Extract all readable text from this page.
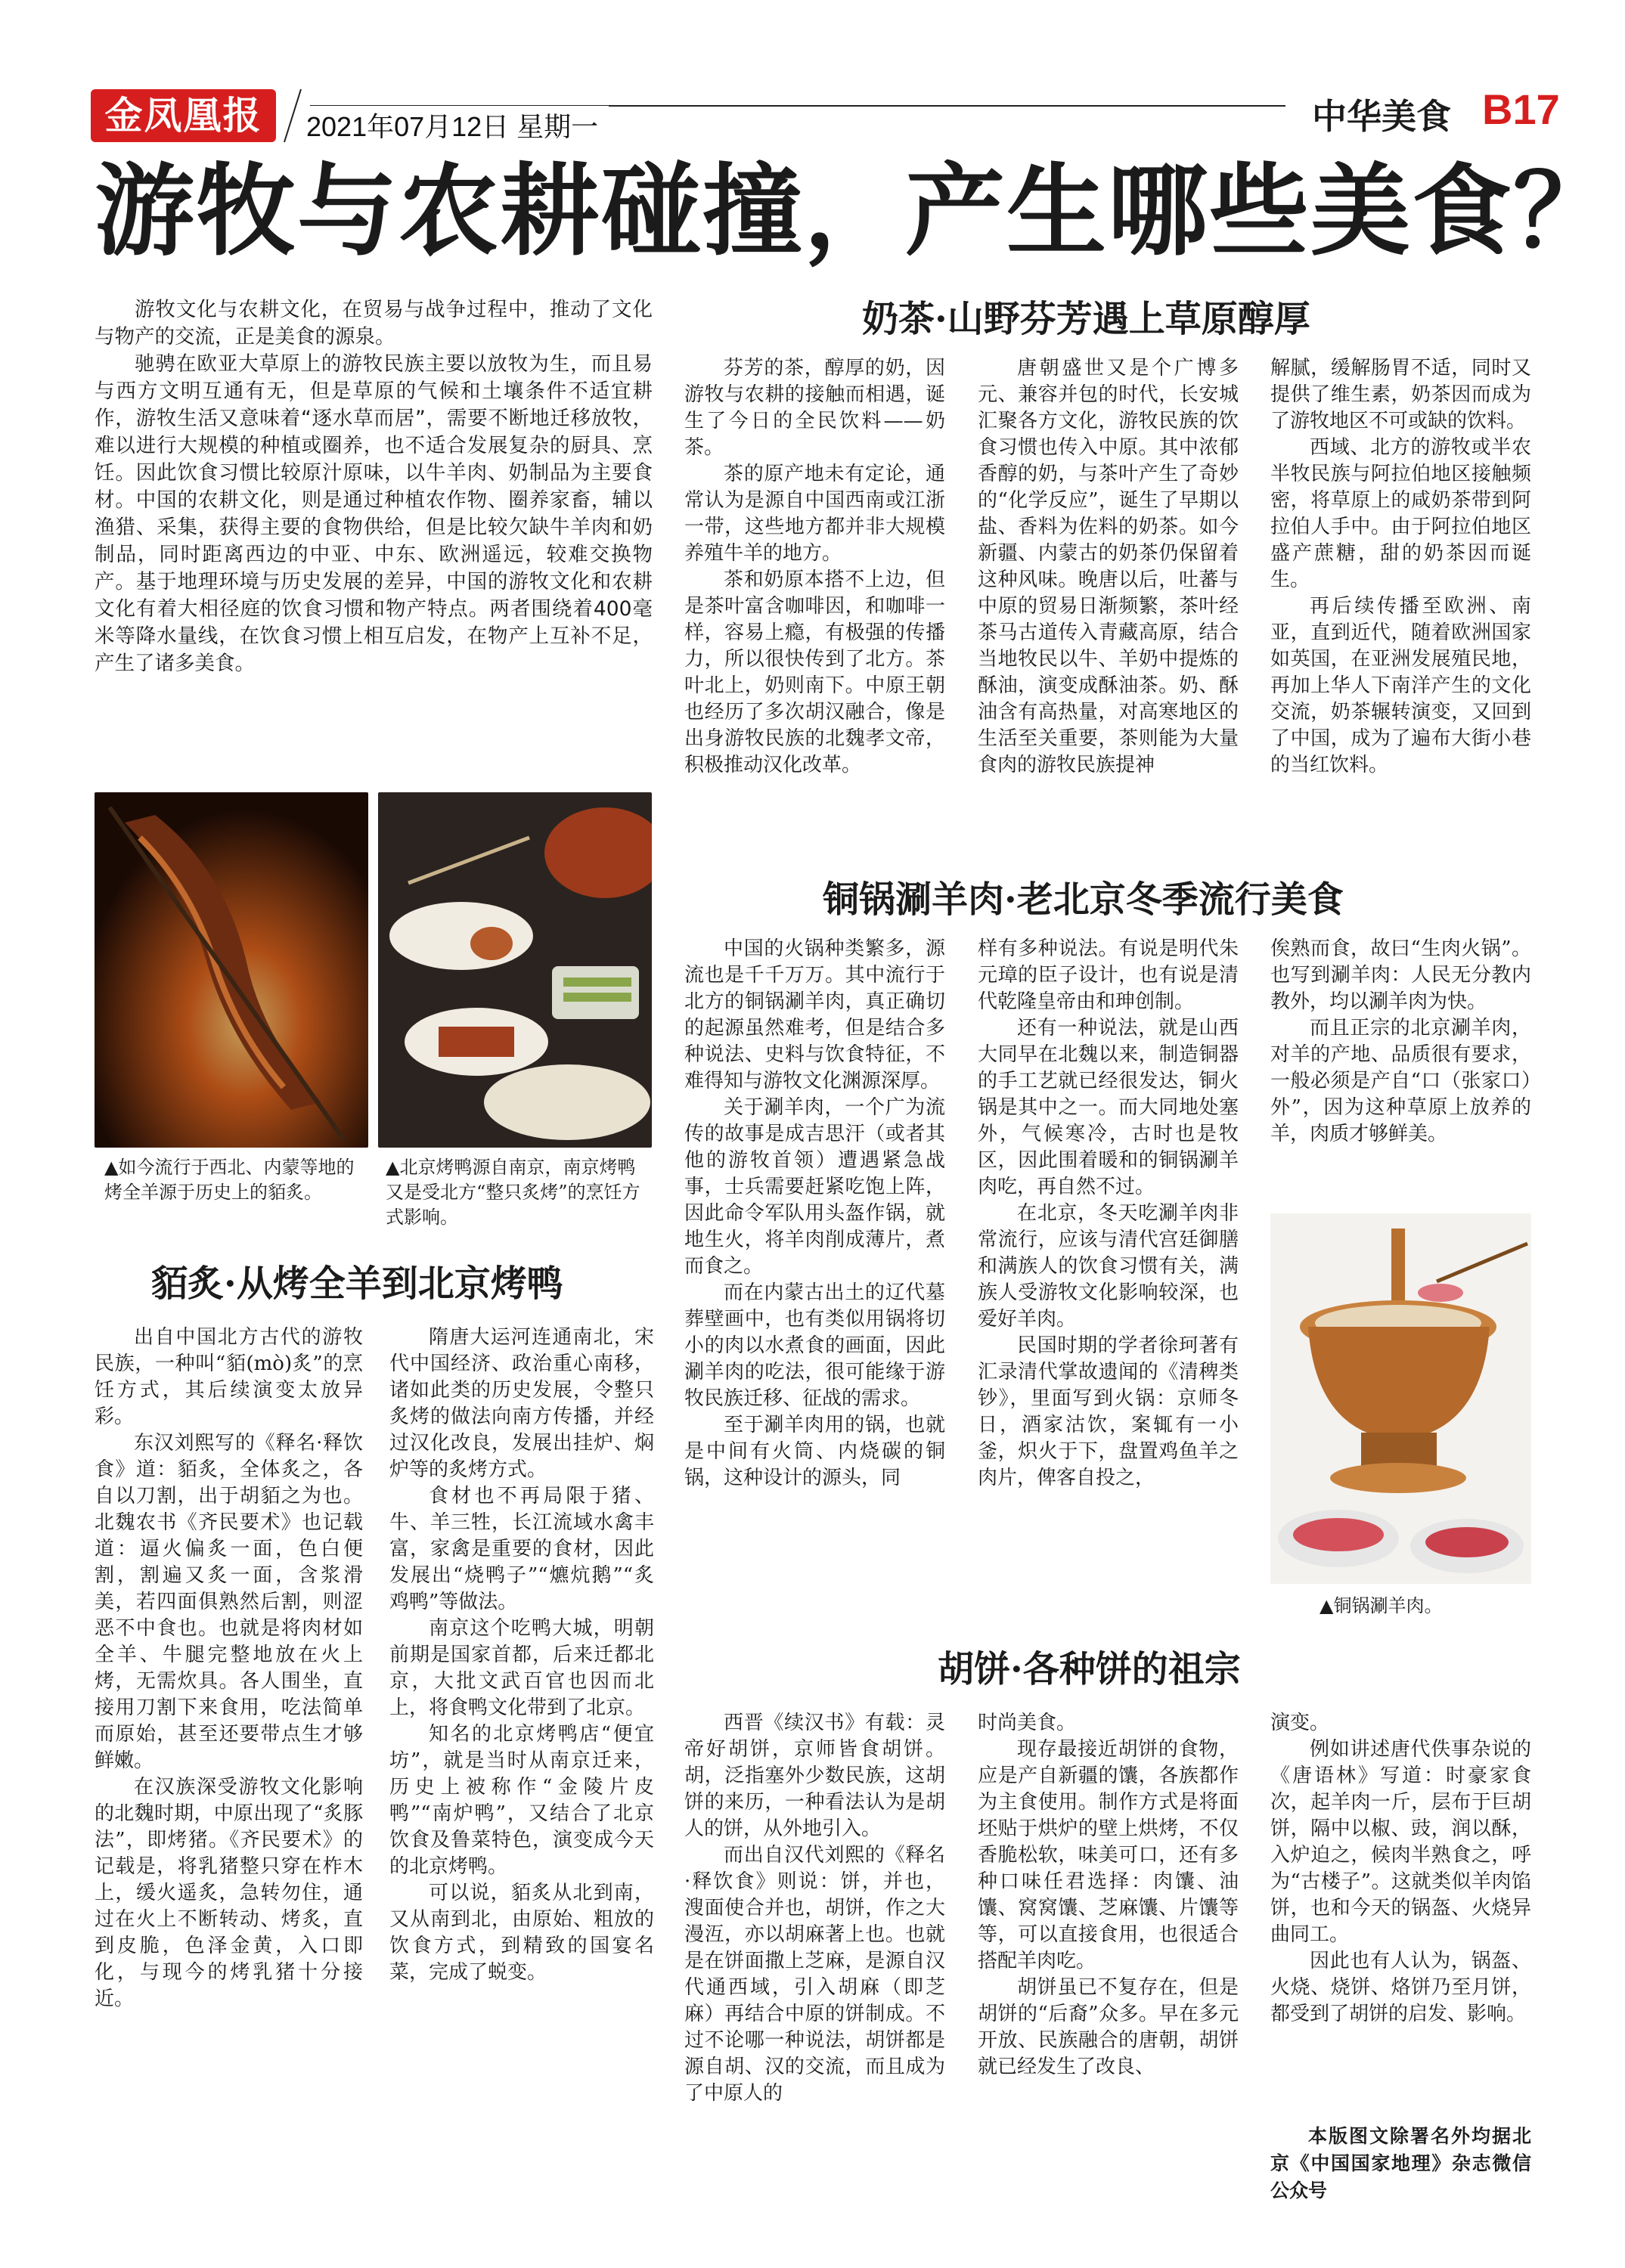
金凤凰报	2021年07月12日 星期一	中华美食 B17
游牧与农耕碰撞，产生哪些美食？

游牧文化与农耕文化，在贸易与战争过程中，推动了文化与物产的交流，正是美食的源泉。

驰骋在欧亚大草原上的游牧民族主要以放牧为生，而且易与西方文明互通有无，但是草原的气候和土壤条件不适宜耕作，游牧生活又意味着“逐水草而居”，需要不断地迁移放牧，难以进行大规模的种植或圈养，也不适合发展复杂的厨具、烹饪。因此饮食习惯比较原汁原味，以牛羊肉、奶制品为主要食材。中国的农耕文化，则是通过种植农作物、圈养家畜，辅以渔猎、采集，获得主要的食物供给，但是比较欠缺牛羊肉和奶制品，同时距离西边的中亚、中东、欧洲遥远，较难交换物产。基于地理环境与历史发展的差异，中国的游牧文化和农耕文化有着大相径庭的饮食习惯和物产特点。两者围绕着400毫米等降水量线，在饮食习惯上相互启发，在物产上互补不足，产生了诸多美食。

奶茶·山野芬芳遇上草原醇厚

芬芳的茶，醇厚的奶，因游牧与农耕的接触而相遇，诞生了今日的全民饮料——奶茶。

茶的原产地未有定论，通常认为是源自中国西南或江浙一带，这些地方都并非大规模养殖牛羊的地方。

茶和奶原本搭不上边，但是茶叶富含咖啡因，和咖啡一样，容易上瘾，有极强的传播力，所以很快传到了北方。茶叶北上，奶则南下。中原王朝也经历了多次胡汉融合，像是出身游牧民族的北魏孝文帝，积极推动汉化改革。

唐朝盛世又是个广博多元、兼容并包的时代，长安城汇聚各方文化，游牧民族的饮食习惯也传入中原。其中浓郁香醇的奶，与茶叶产生了奇妙的“化学反应”，诞生了早期以盐、香料为佐料的奶茶。如今新疆、内蒙古的奶茶仍保留着这种风味。晚唐以后，吐蕃与中原的贸易日渐频繁，茶叶经茶马古道传入青藏高原，结合当地牧民以牛、羊奶中提炼的酥油，演变成酥油茶。奶、酥油含有高热量，对高寒地区的生活至关重要，茶则能为大量食肉的游牧民族提神

解腻，缓解肠胃不适，同时又提供了维生素，奶茶因而成为了游牧地区不可或缺的饮料。

西域、北方的游牧或半农半牧民族与阿拉伯地区接触频密，将草原上的咸奶茶带到阿拉伯人手中。由于阿拉伯地区盛产蔗糖，甜的奶茶因而诞生。

再后续传播至欧洲、南亚，直到近代，随着欧洲国家如英国，在亚洲发展殖民地，再加上华人下南洋产生的文化交流，奶茶辗转演变，又回到了中国，成为了遍布大街小巷的当红饮料。

▲如今流行于西北、内蒙等地的烤全羊源于历史上的貊炙。
▲北京烤鸭源自南京，南京烤鸭又是受北方“整只炙烤”的烹饪方式影响。
铜锅涮羊肉·老北京冬季流行美食

中国的火锅种类繁多，源流也是千千万万。其中流行于北方的铜锅涮羊肉，真正确切的起源虽然难考，但是结合多种说法、史料与饮食特征，不难得知与游牧文化渊源深厚。

关于涮羊肉，一个广为流传的故事是成吉思汗（或者其他的游牧首领）遭遇紧急战事，士兵需要赶紧吃饱上阵，因此命令军队用头盔作锅，就地生火，将羊肉削成薄片，煮而食之。

而在内蒙古出土的辽代墓葬壁画中，也有类似用锅将切小的肉以水煮食的画面，因此涮羊肉的吃法，很可能缘于游牧民族迁移、征战的需求。

至于涮羊肉用的锅，也就是中间有火筒、内烧碳的铜锅，这种设计的源头，同

样有多种说法。有说是明代朱元璋的臣子设计，也有说是清代乾隆皇帝由和珅创制。

还有一种说法，就是山西大同早在北魏以来，制造铜器的手工艺就已经很发达，铜火锅是其中之一。而大同地处塞外，气候寒冷，古时也是牧区，因此围着暖和的铜锅涮羊肉吃，再自然不过。

在北京，冬天吃涮羊肉非常流行，应该与清代宫廷御膳和满族人的饮食习惯有关，满族人受游牧文化影响较深，也爱好羊肉。

民国时期的学者徐珂著有汇录清代掌故遗闻的《清稗类钞》，里面写到火锅：京师冬日，酒家沽饮，案辄有一小釜，炽火于下，盘置鸡鱼羊之肉片，俾客自投之，

俟熟而食，故曰“生肉火锅”。也写到涮羊肉：人民无分教内教外，均以涮羊肉为快。

而且正宗的北京涮羊肉，对羊的产地、品质很有要求，一般必须是产自“口（张家口）外”，因为这种草原上放养的羊，肉质才够鲜美。

▲铜锅涮羊肉。
貊炙·从烤全羊到北京烤鸭

出自中国北方古代的游牧民族，一种叫“貊(mò)炙”的烹饪方式，其后续演变太放异彩。

东汉刘熙写的《释名·释饮食》道：貊炙，全体炙之，各自以刀割，出于胡貊之为也。北魏农书《齐民要术》也记载道：逼火偏炙一面，色白便割，割遍又炙一面，含浆滑美，若四面俱熟然后割，则涩恶不中食也。也就是将肉材如全羊、牛腿完整地放在火上烤，无需炊具。各人围坐，直接用刀割下来食用，吃法简单而原始，甚至还要带点生才够鲜嫩。

在汉族深受游牧文化影响的北魏时期，中原出现了“炙豚法”，即烤猪。《齐民要术》的记载是，将乳猪整只穿在柞木上，缓火遥炙，急转勿住，通过在火上不断转动、烤炙，直到皮脆，色泽金黄，入口即化，与现今的烤乳猪十分接近。

隋唐大运河连通南北，宋代中国经济、政治重心南移，诸如此类的历史发展，令整只炙烤的做法向南方传播，并经过汉化改良，发展出挂炉、焖炉等的炙烤方式。

食材也不再局限于猪、牛、羊三牲，长江流域水禽丰富，家禽是重要的食材，因此发展出“烧鸭子”“爊炕鹅”“炙鸡鸭”等做法。

南京这个吃鸭大城，明朝前期是国家首都，后来迁都北京，大批文武百官也因而北上，将食鸭文化带到了北京。

知名的北京烤鸭店“便宜坊”，就是当时从南京迁来，历史上被称作“金陵片皮鸭”“南炉鸭”，又结合了北京饮食及鲁菜特色，演变成今天的北京烤鸭。

可以说，貊炙从北到南，又从南到北，由原始、粗放的饮食方式，到精致的国宴名菜，完成了蜕变。

胡饼·各种饼的祖宗

西晋《续汉书》有载：灵帝好胡饼，京师皆食胡饼。胡，泛指塞外少数民族，这胡饼的来历，一种看法认为是胡人的饼，从外地引入。

而出自汉代刘熙的《释名·释饮食》则说：饼，并也，溲面使合并也，胡饼，作之大漫沍，亦以胡麻著上也。也就是在饼面撒上芝麻，是源自汉代通西域，引入胡麻（即芝麻）再结合中原的饼制成。不过不论哪一种说法，胡饼都是源自胡、汉的交流，而且成为了中原人的

时尚美食。

现存最接近胡饼的食物，应是产自新疆的馕，各族都作为主食使用。制作方式是将面坯贴于烘炉的壁上烘烤，不仅香脆松软，味美可口，还有多种口味任君选择：肉馕、油馕、窝窝馕、芝麻馕、片馕等等，可以直接食用，也很适合搭配羊肉吃。

胡饼虽已不复存在，但是胡饼的“后裔”众多。早在多元开放、民族融合的唐朝，胡饼就已经发生了改良、

演变。

例如讲述唐代佚事杂说的《唐语林》写道：时豪家食次，起羊肉一斤，层布于巨胡饼，隔中以椒、豉，润以酥，入炉迫之，候肉半熟食之，呼为“古楼子”。这就类似羊肉馅饼，也和今天的锅盔、火烧异曲同工。

因此也有人认为，锅盔、火烧、烧饼、烙饼乃至月饼，都受到了胡饼的启发、影响。

本版图文除署名外均据北京《中国国家地理》杂志微信公众号
